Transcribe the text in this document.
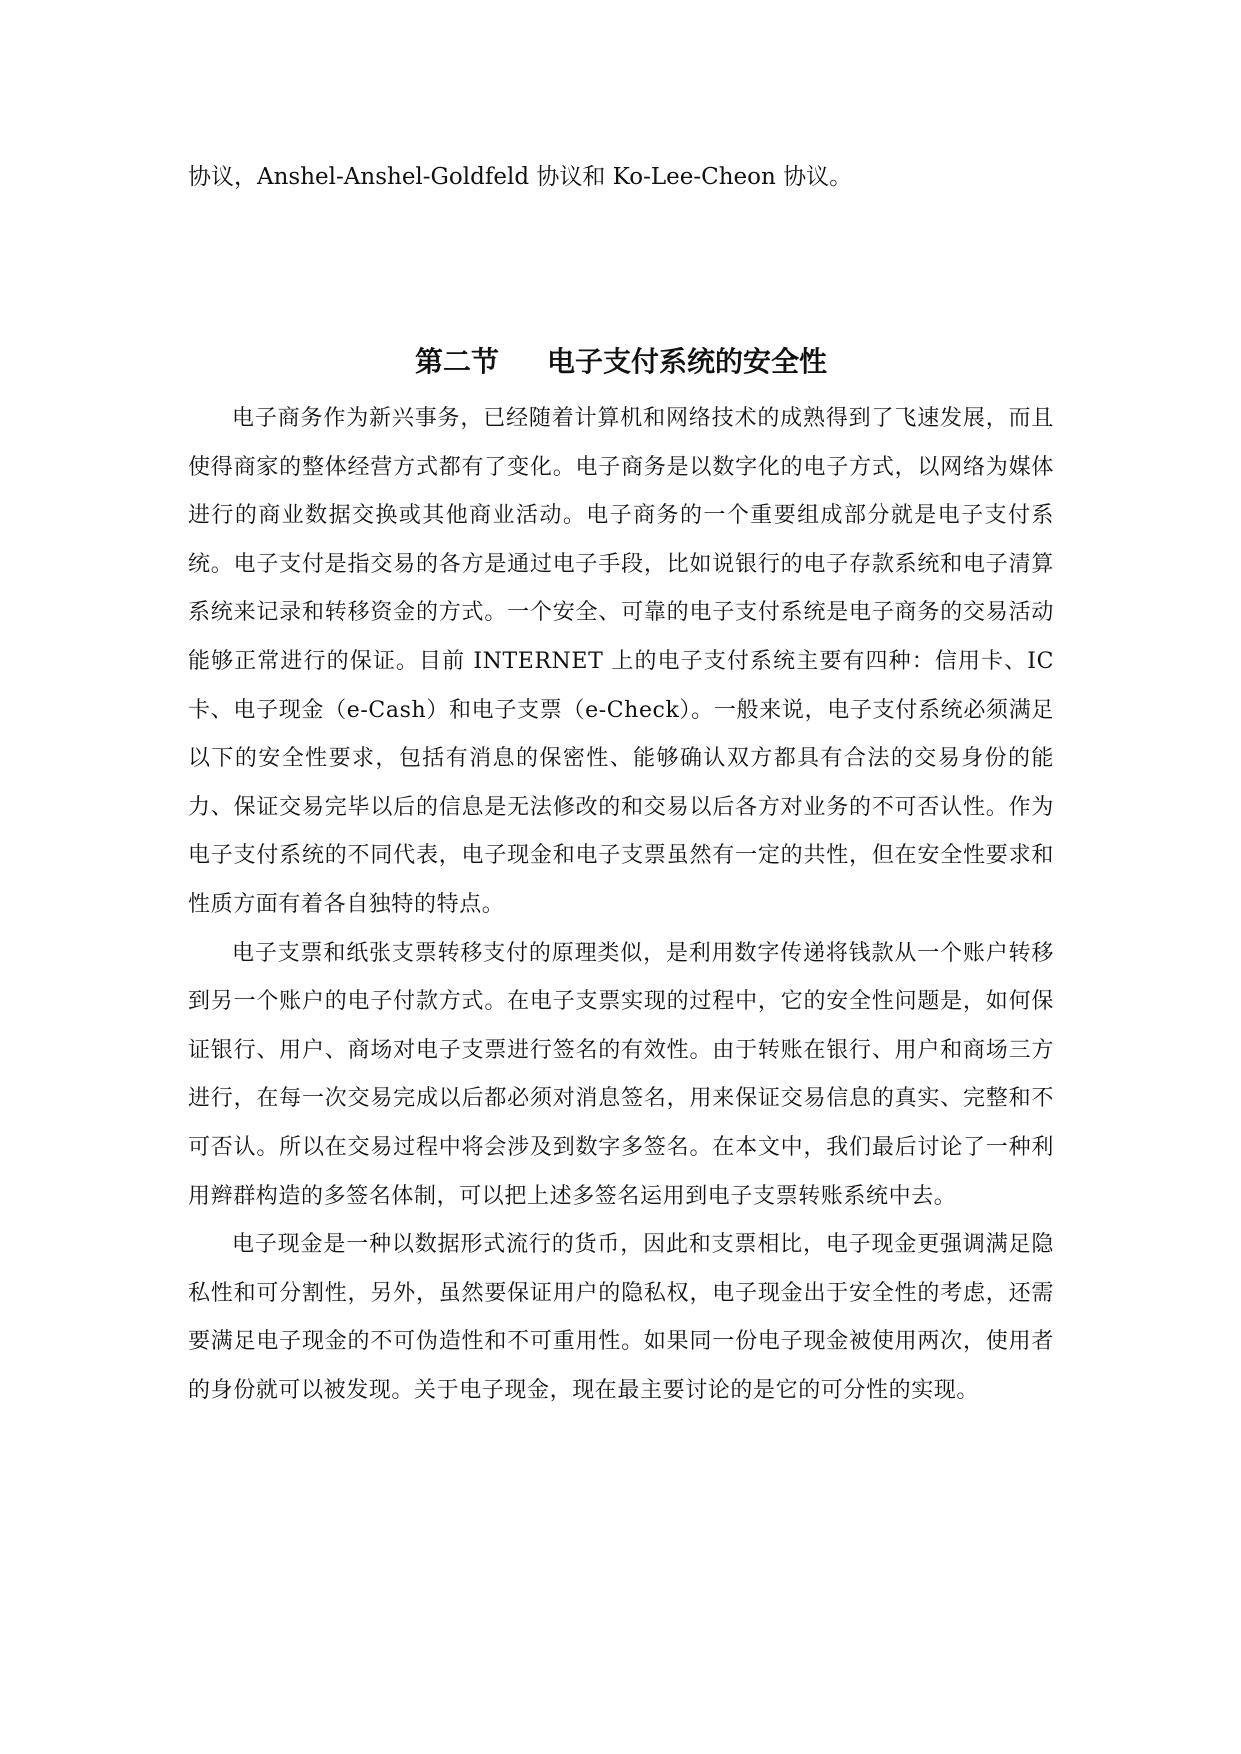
协议，Anshel-Anshel-Goldfeld 协议和 Ko-Lee-Cheon 协议。

第二节 电子支付系统的安全性

电子商务作为新兴事务，已经随着计算机和网络技术的成熟得到了飞速发展，而且使得商家的整体经营方式都有了变化。电子商务是以数字化的电子方式，以网络为媒体进行的商业数据交换或其他商业活动。电子商务的一个重要组成部分就是电子支付系统。电子支付是指交易的各方是通过电子手段，比如说银行的电子存款系统和电子清算系统来记录和转移资金的方式。一个安全、可靠的电子支付系统是电子商务的交易活动能够正常进行的保证。目前 INTERNET 上的电子支付系统主要有四种：信用卡、IC 卡、电子现金（e-Cash）和电子支票（e-Check）。一般来说，电子支付系统必须满足以下的安全性要求，包括有消息的保密性、能够确认双方都具有合法的交易身份的能力、保证交易完毕以后的信息是无法修改的和交易以后各方对业务的不可否认性。作为电子支付系统的不同代表，电子现金和电子支票虽然有一定的共性，但在安全性要求和性质方面有着各自独特的特点。

电子支票和纸张支票转移支付的原理类似，是利用数字传递将钱款从一个账户转移到另一个账户的电子付款方式。在电子支票实现的过程中，它的安全性问题是，如何保证银行、用户、商场对电子支票进行签名的有效性。由于转账在银行、用户和商场三方进行，在每一次交易完成以后都必须对消息签名，用来保证交易信息的真实、完整和不可否认。所以在交易过程中将会涉及到数字多签名。在本文中，我们最后讨论了一种利用辫群构造的多签名体制，可以把上述多签名运用到电子支票转账系统中去。

电子现金是一种以数据形式流行的货币，因此和支票相比，电子现金更强调满足隐私性和可分割性，另外，虽然要保证用户的隐私权，电子现金出于安全性的考虑，还需要满足电子现金的不可伪造性和不可重用性。如果同一份电子现金被使用两次，使用者的身份就可以被发现。关于电子现金，现在最主要讨论的是它的可分性的实现。
